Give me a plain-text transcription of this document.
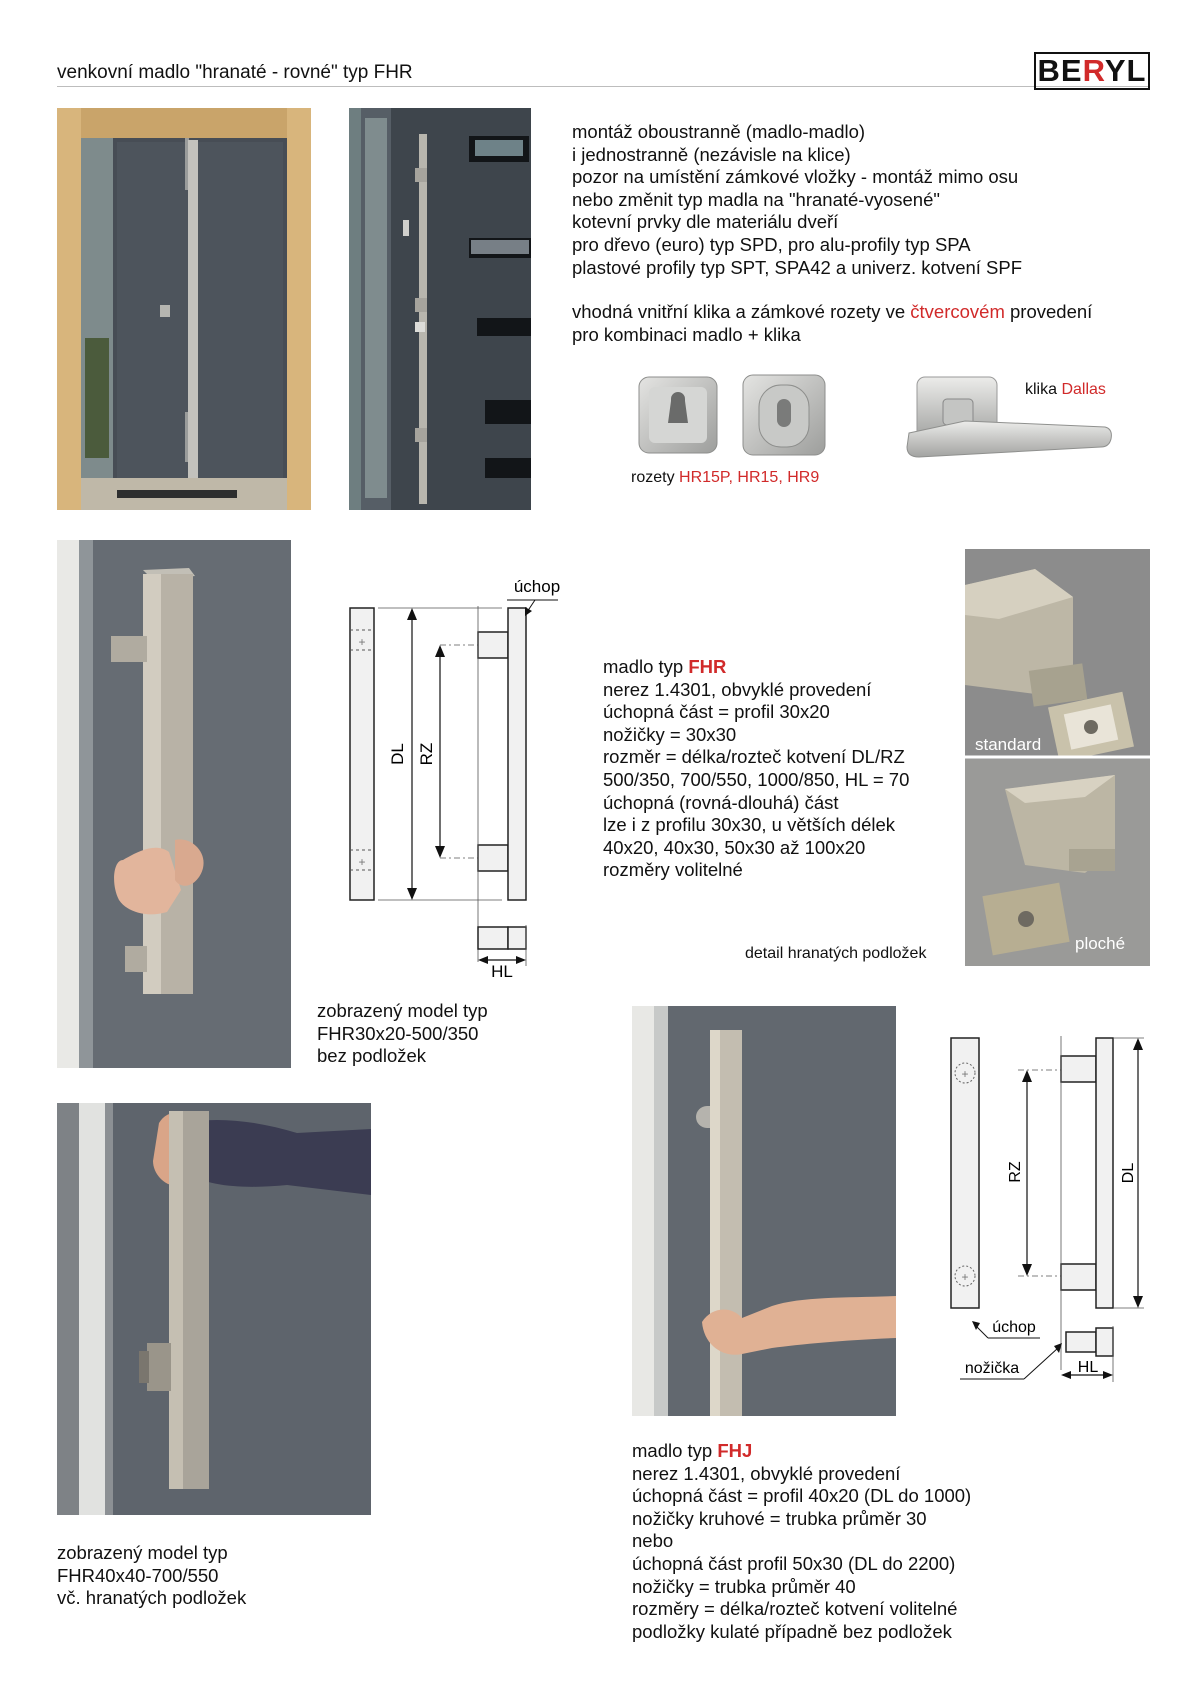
venkovní madlo "hranaté - rovné" typ FHR	BERYL

montáž oboustranně (madlo-madlo)

i jednostranně (nezávisle na klice)

pozor na umístění zámkové vložky - montáž mimo osu

nebo změnit typ madla na "hranaté-vyosené"

kotevní prvky dle materiálu dveří

pro dřevo (euro) typ SPD, pro alu-profily typ SPA

plastové profily typ SPT, SPA42 a univerz. kotvení SPF

vhodná vnitřní klika a zámkové rozety ve čtvercovém provedení

pro kombinaci madlo + klika

rozety HR15P, HR15, HR9
klika Dallas
+
+
DL RZ
HL
úchop

madlo typ FHR

nerez 1.4301, obvyklé provedení

úchopná část = profil 30x20

nožičky = 30x30

rozměr = délka/rozteč kotvení DL/RZ

500/350, 700/550, 1000/850, HL = 70

úchopná (rovná-dlouhá) část

lze i z profilu 30x30, u větších délek

40x20, 40x30, 50x30 až 100x20

rozměry volitelné

standard
ploché
detail hranatých podložek

zobrazený model typ

FHR30x20-500/350

bez podložek

zobrazený model typ

FHR40x40-700/550

vč. hranatých podložek

+
+
RZ	DL
HL
úchop
nožička

madlo typ FHJ

nerez 1.4301, obvyklé provedení

úchopná část = profil 40x20 (DL do 1000)

nožičky kruhové = trubka průměr 30

nebo

úchopná část profil 50x30 (DL do 2200)

nožičky = trubka průměr 40

rozměry = délka/rozteč kotvení volitelné

podložky kulaté případně bez podložek
